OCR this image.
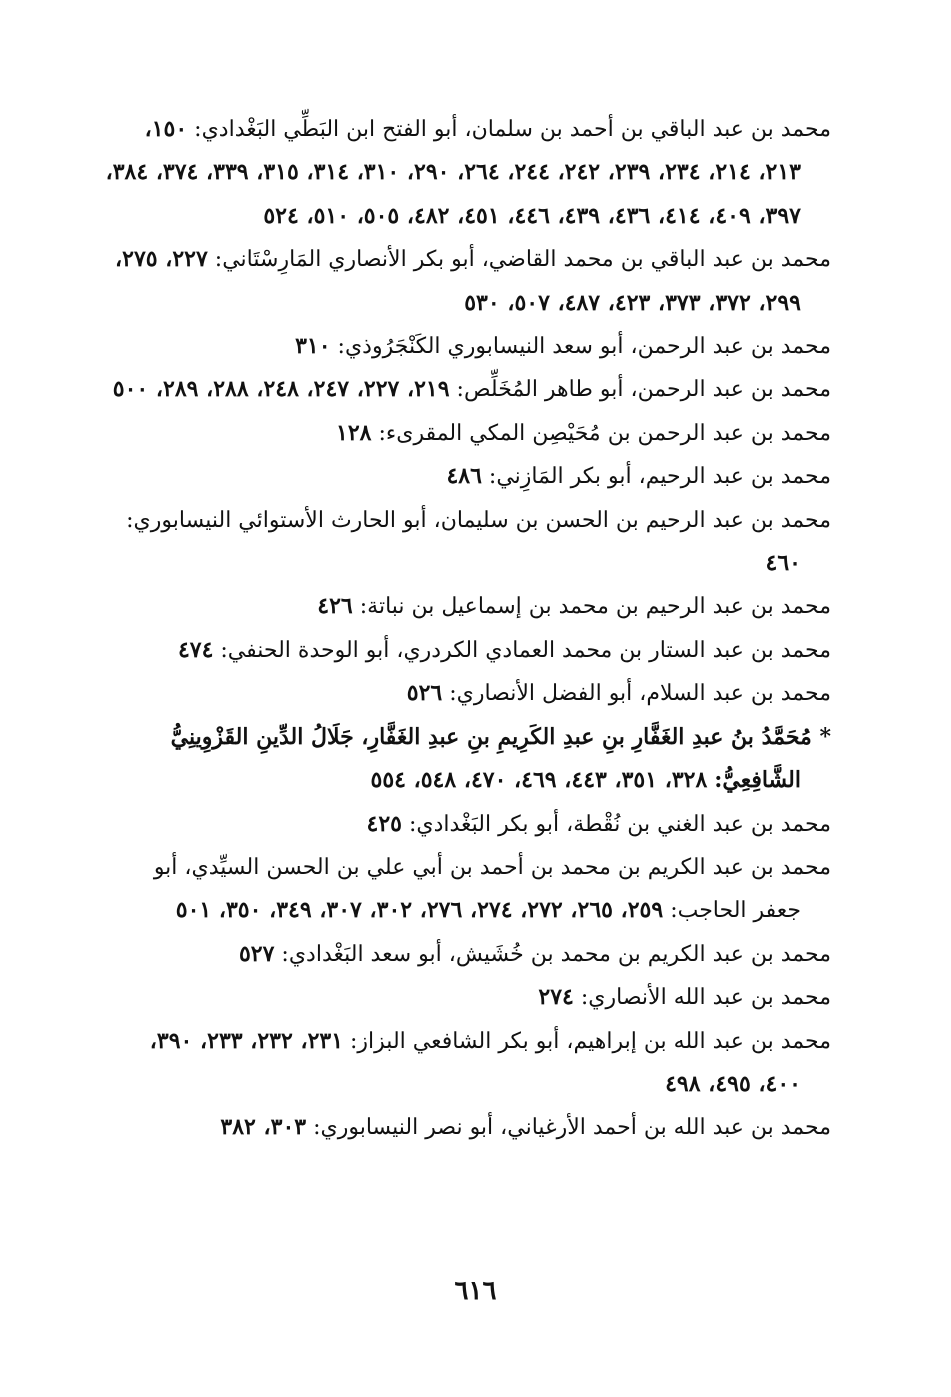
محمد بن عبد الباقي بن أحمد بن سلمان، أبو الفتح ابن البَطِّي البَغْدادي: ١٥٠، ٢١٣، ٢١٤، ٢٣٤، ٢٣٩، ٢٤٢، ٢٤٤، ٢٦٤، ٢٩٠، ٣١٠، ٣١٤، ٣١٥، ٣٣٩، ٣٧٤، ٣٨٤، ٣٩٧، ٤٠٩، ٤١٤، ٤٣٦، ٤٣٩، ٤٤٦، ٤٥١، ٤٨٢، ٥٠٥، ٥١٠، ٥٢٤

محمد بن عبد الباقي بن محمد القاضي، أبو بكر الأنصاري المَارِسْتَاني: ٢٢٧، ٢٧٥، ٢٩٩، ٣٧٢، ٣٧٣، ٤٢٣، ٤٨٧، ٥٠٧، ٥٣٠

محمد بن عبد الرحمن، أبو سعد النيسابوري الكَنْجَرُوذي: ٣١٠

محمد بن عبد الرحمن، أبو طاهر المُخَلِّص: ٢١٩، ٢٢٧، ٢٤٧، ٢٤٨، ٢٨٨، ٢٨٩، ٥٠٠

محمد بن عبد الرحمن بن مُحَيْصِن المكي المقرىء: ١٢٨

محمد بن عبد الرحيم، أبو بكر المَازِني: ٤٨٦

محمد بن عبد الرحيم بن الحسن بن سليمان، أبو الحارث الأستوائي النيسابوري: ٤٦٠

محمد بن عبد الرحيم بن محمد بن إسماعيل بن نباتة: ٤٢٦

محمد بن عبد الستار بن محمد العمادي الكردري، أبو الوحدة الحنفي: ٤٧٤

محمد بن عبد السلام، أبو الفضل الأنصاري: ٥٢٦

* مُحَمَّدُ بنُ عبدِ الغَفَّارِ بنِ عبدِ الكَرِيمِ بنِ عبدِ الغَفَّارِ، جَلَالُ الدِّينِ القَزْوِينِيُّ الشَّافِعِيُّ: ٣٢٨، ٣٥١، ٤٤٣، ٤٦٩، ٤٧٠، ٥٤٨، ٥٥٤

محمد بن عبد الغني بن نُقْطة، أبو بكر البَغْدادي: ٤٢٥

محمد بن عبد الكريم بن محمد بن أحمد بن أبي علي بن الحسن السيِّدي، أبو جعفر الحاجب: ٢٥٩، ٢٦٥، ٢٧٢، ٢٧٤، ٢٧٦، ٣٠٢، ٣٠٧، ٣٤٩، ٣٥٠، ٥٠١

محمد بن عبد الكريم بن محمد بن خُشَيش، أبو سعد البَغْدادي: ٥٢٧

محمد بن عبد الله الأنصاري: ٢٧٤

محمد بن عبد الله بن إبراهيم، أبو بكر الشافعي البزاز: ٢٣١، ٢٣٢، ٢٣٣، ٣٩٠، ٤٠٠، ٤٩٥، ٤٩٨

محمد بن عبد الله بن أحمد الأرغياني، أبو نصر النيسابوري: ٣٠٣، ٣٨٢

٦١٦
